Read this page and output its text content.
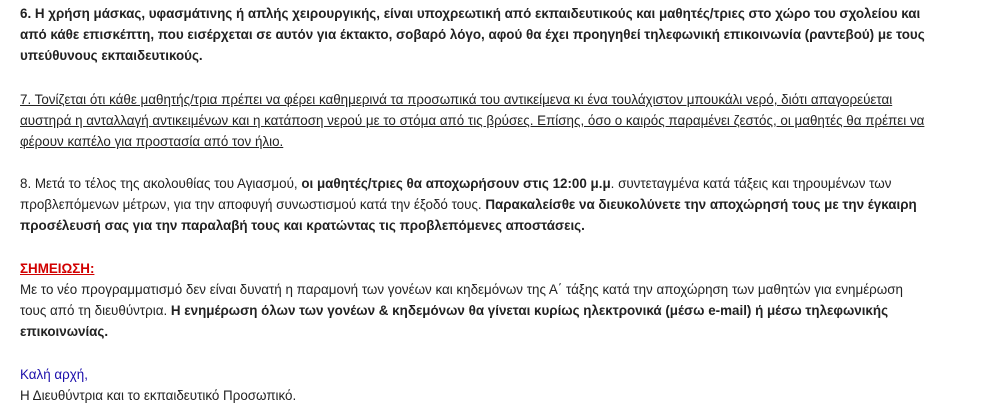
6. Η χρήση μάσκας, υφασμάτινης ή απλής χειρουργικής, είναι υποχρεωτική από εκπαιδευτικούς και μαθητές/τριες στο χώρο του σχολείου και
από κάθε επισκέπτη, που εισέρχεται σε αυτόν για έκτακτο, σοβαρό λόγο, αφού θα έχει προηγηθεί τηλεφωνική επικοινωνία (ραντεβού) με τους
υπεύθυνους εκπαιδευτικούς.

7. Τονίζεται ότι κάθε μαθητής/τρια πρέπει να φέρει καθημερινά τα προσωπικά του αντικείμενα κι ένα τουλάχιστον μπουκάλι νερό, διότι απαγορεύεται
αυστηρά η ανταλλαγή αντικειμένων και η κατάποση νερού με το στόμα από τις βρύσες. Επίσης, όσο ο καιρός παραμένει ζεστός, οι μαθητές θα πρέπει να
φέρουν καπέλο για προστασία από τον ήλιο.

8. Μετά το τέλος της ακολουθίας του Αγιασμού, οι μαθητές/τριες θα αποχωρήσουν στις 12:00 μ.μ. συντεταγμένα κατά τάξεις και τηρουμένων των
προβλεπόμενων μέτρων, για την αποφυγή συνωστισμού κατά την έξοδό τους. Παρακαλείσθε να διευκολύνετε την αποχώρησή τους με την έγκαιρη
προσέλευσή σας για την παραλαβή τους και κρατώντας τις προβλεπόμενες αποστάσεις.

ΣΗΜΕΙΩΣΗ:
Με το νέο προγραμματισμό δεν είναι δυνατή η παραμονή των γονέων και κηδεμόνων της Α΄ τάξης κατά την αποχώρηση των μαθητών για ενημέρωση
τους από τη διευθύντρια. Η ενημέρωση όλων των γονέων & κηδεμόνων θα γίνεται κυρίως ηλεκτρονικά (μέσω e-mail) ή μέσω τηλεφωνικής
επικοινωνίας.

Καλή αρχή,
Η Διευθύντρια και το εκπαιδευτικό Προσωπικό.
